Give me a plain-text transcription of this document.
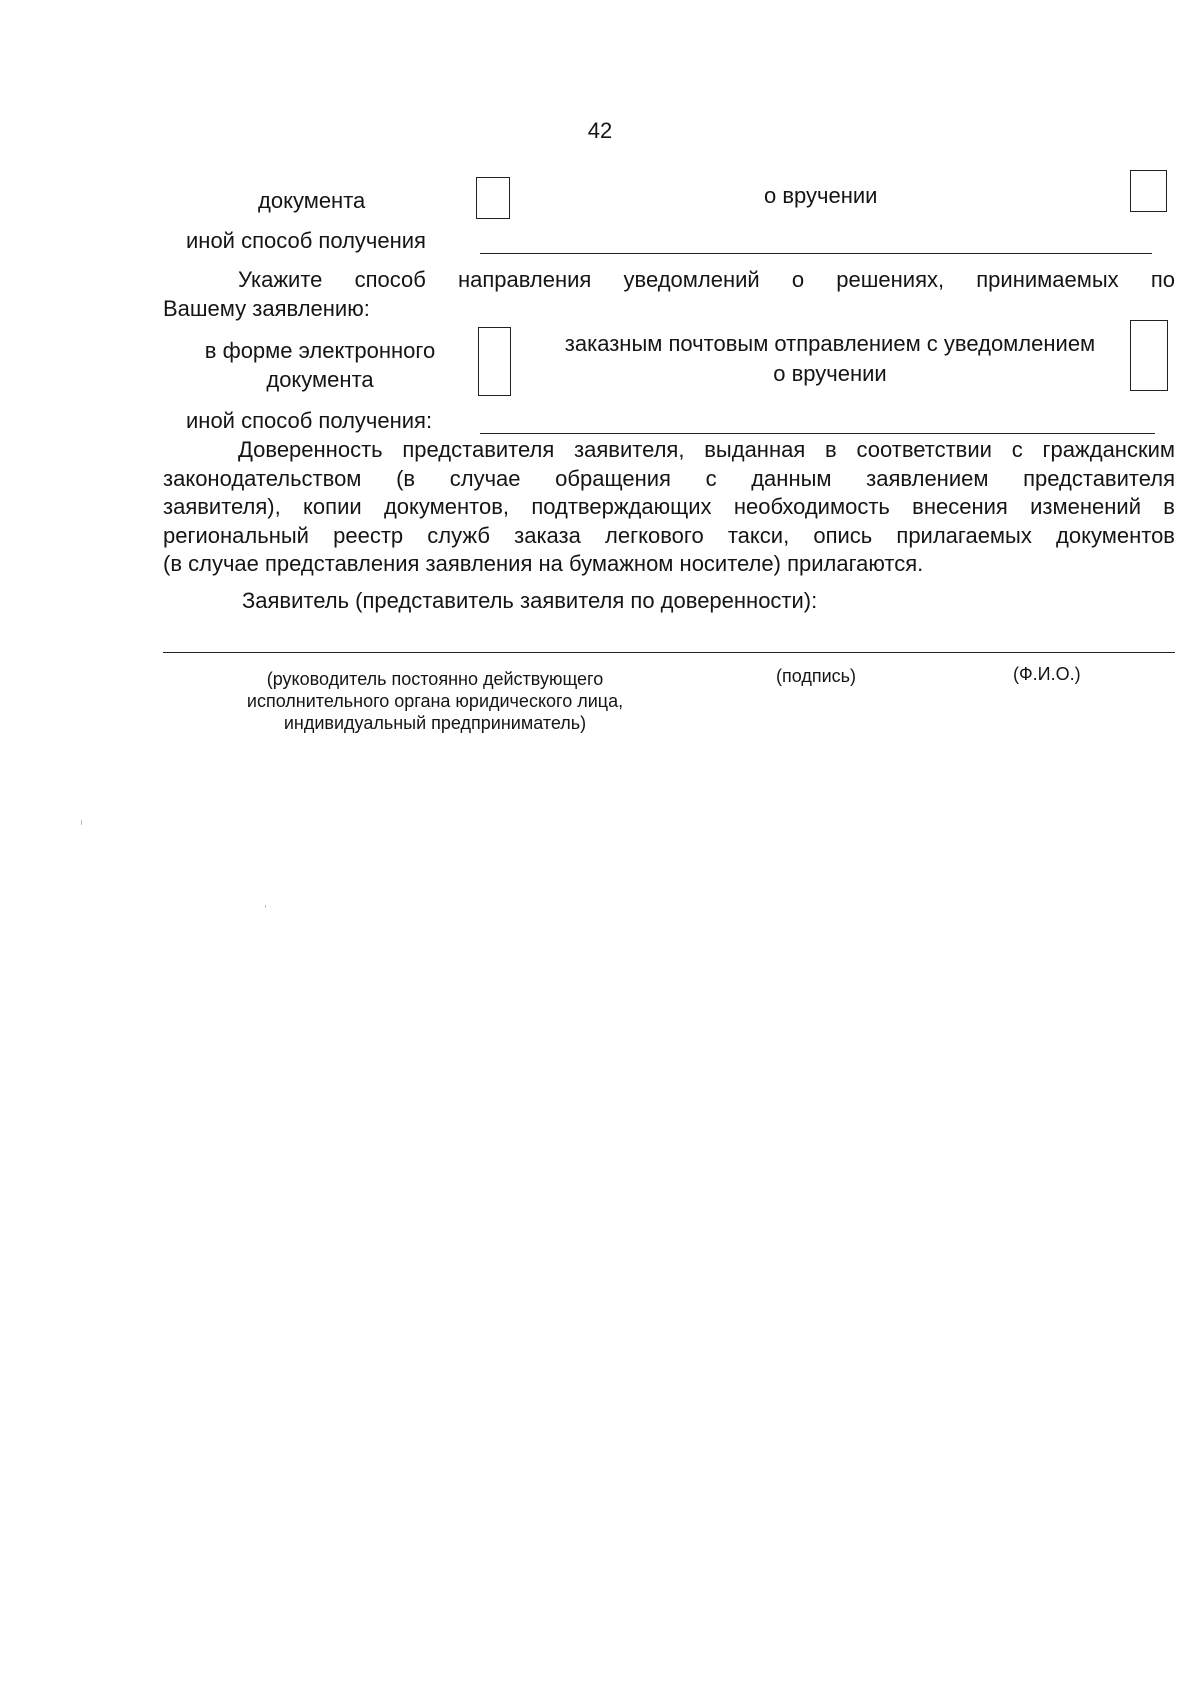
42
документа	о вручении
иной способ получения
Укажите способ направления уведомлений о решениях, принимаемых по
Вашему заявлению:
в форме электронного
документа
заказным почтовым отправлением с уведомлением
о вручении
иной способ получения:
Доверенность представителя заявителя, выданная в соответствии с гражданским
законодательством (в случае обращения с данным заявлением представителя
заявителя), копии документов, подтверждающих необходимость внесения изменений в
региональный реестр служб заказа легкового такси, опись прилагаемых документов
(в случае представления заявления на бумажном носителе) прилагаются.
Заявитель (представитель заявителя по доверенности):
(руководитель постоянно действующего
исполнительного органа юридического лица,
индивидуальный предприниматель)
(подпись)	(Ф.И.О.)
